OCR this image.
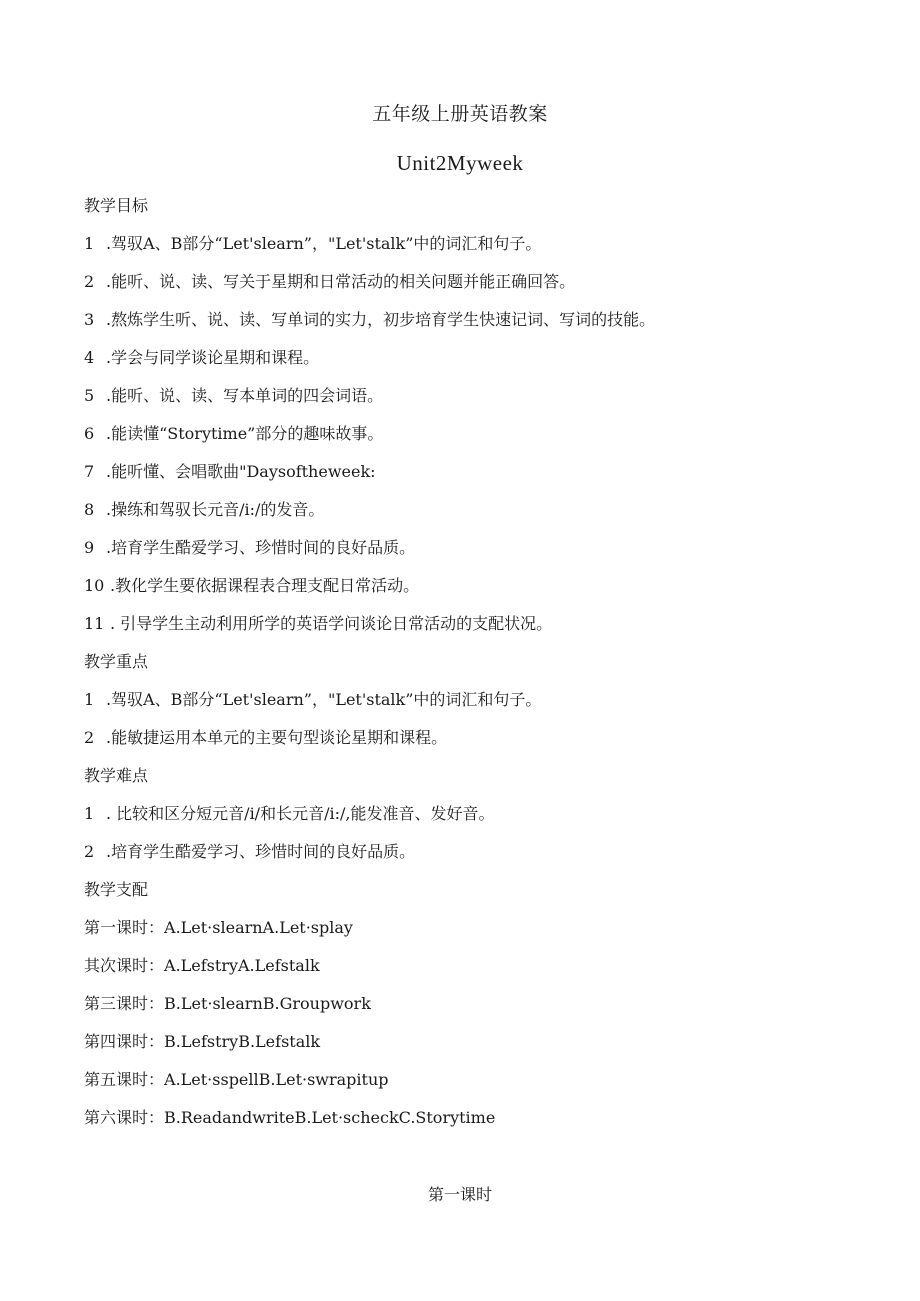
五年级上册英语教案
Unit2Myweek
教学目标
1 .驾驭A、B部分“Let'slearn”，"Let'stalk”中的词汇和句子。
2 .能听、说、读、写关于星期和日常活动的相关问题并能正确回答。
3 .熬炼学生听、说、读、写单词的实力，初步培育学生快速记词、写词的技能。
4 .学会与同学谈论星期和课程。
5 .能听、说、读、写本单词的四会词语。
6 .能读懂“Storytime”部分的趣味故事。
7 .能听懂、会唱歌曲"Daysoftheweek:
8 .操练和驾驭长元音/i:/的发音。
9 .培育学生酷爱学习、珍惜时间的良好品质。
10 .教化学生要依据课程表合理支配日常活动。
11 . 引导学生主动利用所学的英语学问谈论日常活动的支配状况。
教学重点
1 .驾驭A、B部分“Let'slearn”，"Let'stalk”中的词汇和句子。
2 .能敏捷运用本单元的主要句型谈论星期和课程。
教学难点
1 . 比较和区分短元音/i/和长元音/i:/,能发准音、发好音。
2 .培育学生酷爱学习、珍惜时间的良好品质。
教学支配
第一课时：A.Let·slearnA.Let·splay
其次课时：A.LefstryA.Lefstalk
第三课时：B.Let·slearnB.Groupwork
第四课时：B.LefstryB.Lefstalk
第五课时：A.Let·sspellB.Let·swrapitup
第六课时：B.ReadandwriteB.Let·scheckC.Storytime
第一课时
